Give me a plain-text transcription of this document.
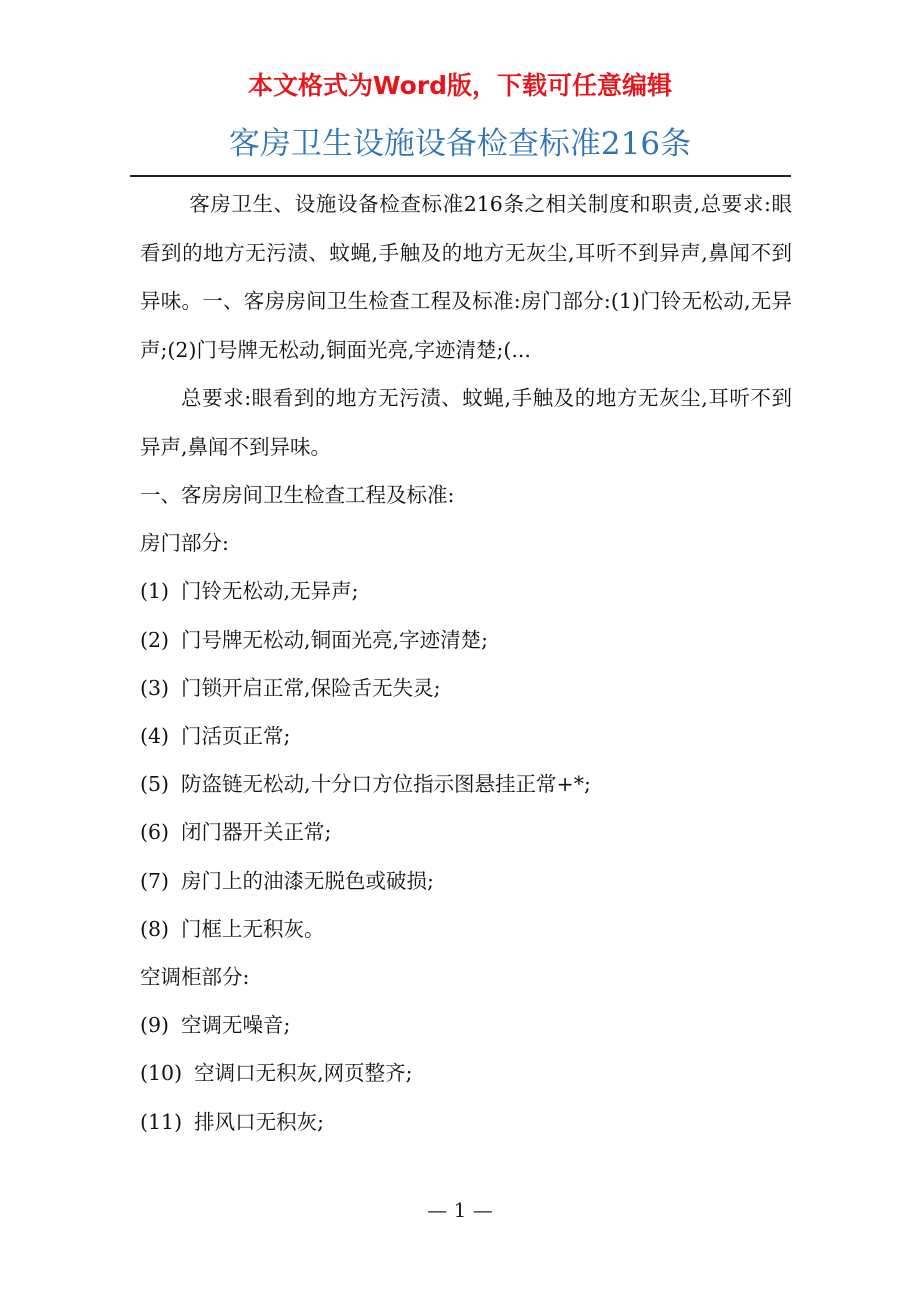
本文格式为Word版，下载可任意编辑
客房卫生设施设备检查标准216条

客房卫生、设施设备检查标准216条之相关制度和职责,总要求:眼看到的地方无污渍、蚊蝇,手触及的地方无灰尘,耳听不到异声,鼻闻不到异味。一、客房房间卫生检查工程及标准:房门部分:(1)门铃无松动,无异声;(2)门号牌无松动,铜面光亮,字迹清楚;(...

总要求:眼看到的地方无污渍、蚊蝇,手触及的地方无灰尘,耳听不到异声,鼻闻不到异味。

一、客房房间卫生检查工程及标准:

房门部分:

(1) 门铃无松动,无异声;

(2) 门号牌无松动,铜面光亮,字迹清楚;

(3) 门锁开启正常,保险舌无失灵;

(4) 门活页正常;

(5) 防盗链无松动,十分口方位指示图悬挂正常+*;

(6) 闭门器开关正常;

(7) 房门上的油漆无脱色或破损;

(8) 门框上无积灰。

空调柜部分:

(9) 空调无噪音;

(10) 空调口无积灰,网页整齐;

(11) 排风口无积灰;

— 1 —
